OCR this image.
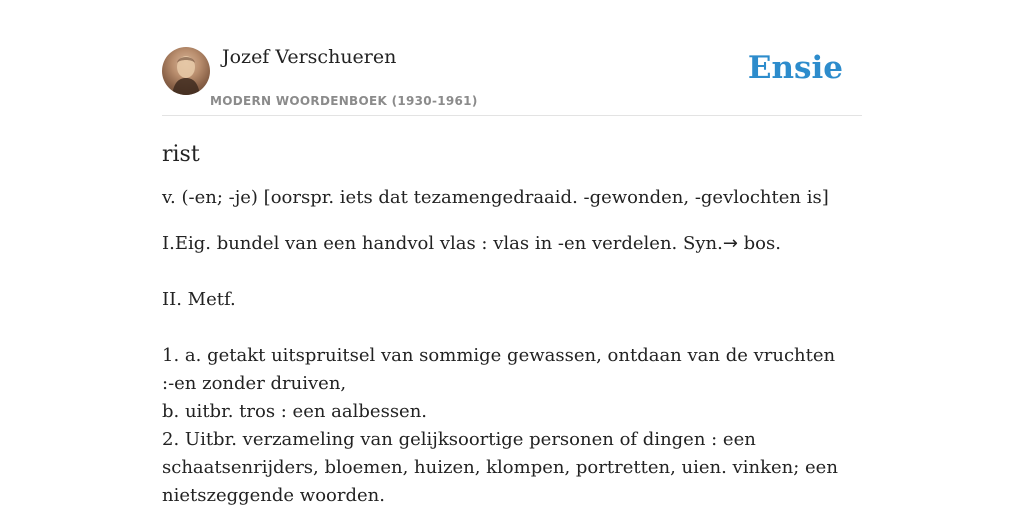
Jozef Verschueren
MODERN WOORDENBOEK (1930-1961)
Ensie
rist

v. (-en; -je) [oorspr. iets dat tezamengedraaid. -gewonden, -gevlochten is]

I.Eig. bundel van een handvol vlas : vlas in -en verdelen. Syn.→ bos.

II. Metf.

1. a. getakt uitspruitsel van sommige gewassen, ontdaan van de vruchten :-en zonder druiven,

b. uitbr. tros : een aalbessen.

2. Uitbr. verzameling van gelijksoortige personen of dingen : een schaatsenrijders, bloemen, huizen, klompen, portretten, uien. vinken; een nietszeggende woorden.
